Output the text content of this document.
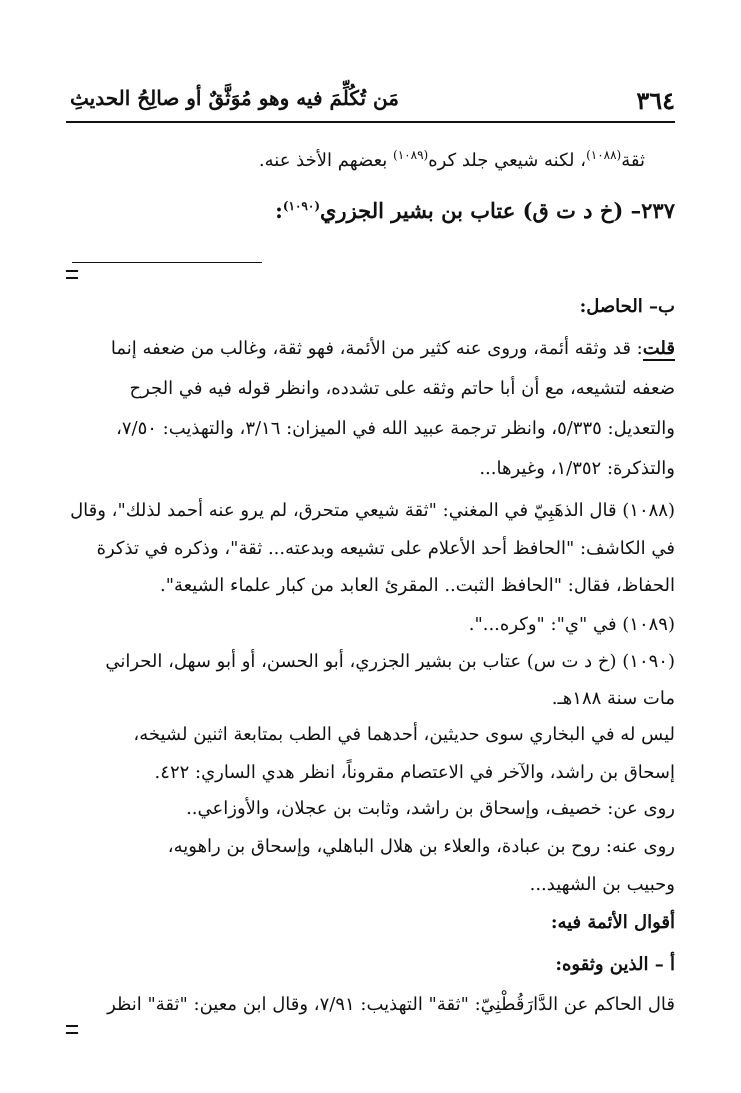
٣٦٤
مَن تُكُلِّمَ فيه وهو مُوَثَّقٌ أو صالِحُ الحديثِ
ثقة$^{(١٠٨٨)}$، لكنه شيعي جلد كره$^{(١٠٨٩)}$ بعضهم الأخذ عنه.
٢٣٧– (خ د ت ق) عتاب بن بشير الجزري$^{(١٠٩٠)}$:
ب– الحاصل:
قلت: قد وثقه أئمة، وروى عنه كثير من الأئمة، فهو ثقة، وغالب من ضعفه إنما
ضعفه لتشيعه، مع أن أبا حاتم وثقه على تشدده، وانظر قوله فيه في الجرح
والتعديل: ٥/٣٣٥، وانظر ترجمة عبيد الله في الميزان: ٣/١٦، والتهذيب: ٧/٥٠،
والتذكرة: ١/٣٥٢، وغيرها...
(١٠٨٨) قال الذهَبِيّ في المغني: "ثقة شيعي متحرق، لم يرو عنه أحمد لذلك"، وقال
في الكاشف: "الحافظ أحد الأعلام على تشيعه وبدعته... ثقة"، وذكره في تذكرة
الحفاظ، فقال: "الحافظ الثبت.. المقرئ العابد من كبار علماء الشيعة".
(١٠٨٩) في "ي": "وكره...".
(١٠٩٠) (خ د ت س) عتاب بن بشير الجزري، أبو الحسن، أو أبو سهل، الحراني
مات سنة ١٨٨هـ.
ليس له في البخاري سوى حديثين، أحدهما في الطب بمتابعة اثنين لشيخه،
إسحاق بن راشد، والآخر في الاعتصام مقروناً، انظر هدي الساري: ٤٢٢.
روى عن: خصيف، وإسحاق بن راشد، وثابت بن عجلان، والأوزاعي..
روى عنه: روح بن عبادة، والعلاء بن هلال الباهلي، وإسحاق بن راهويه،
وحبيب بن الشهيد...
أقوال الأئمة فيه:
أ – الذين وثقوه:
قال الحاكم عن الدَّارَقُطْنِيّ: "ثقة" التهذيب: ٧/٩١، وقال ابن معين: "ثقة" انظر
